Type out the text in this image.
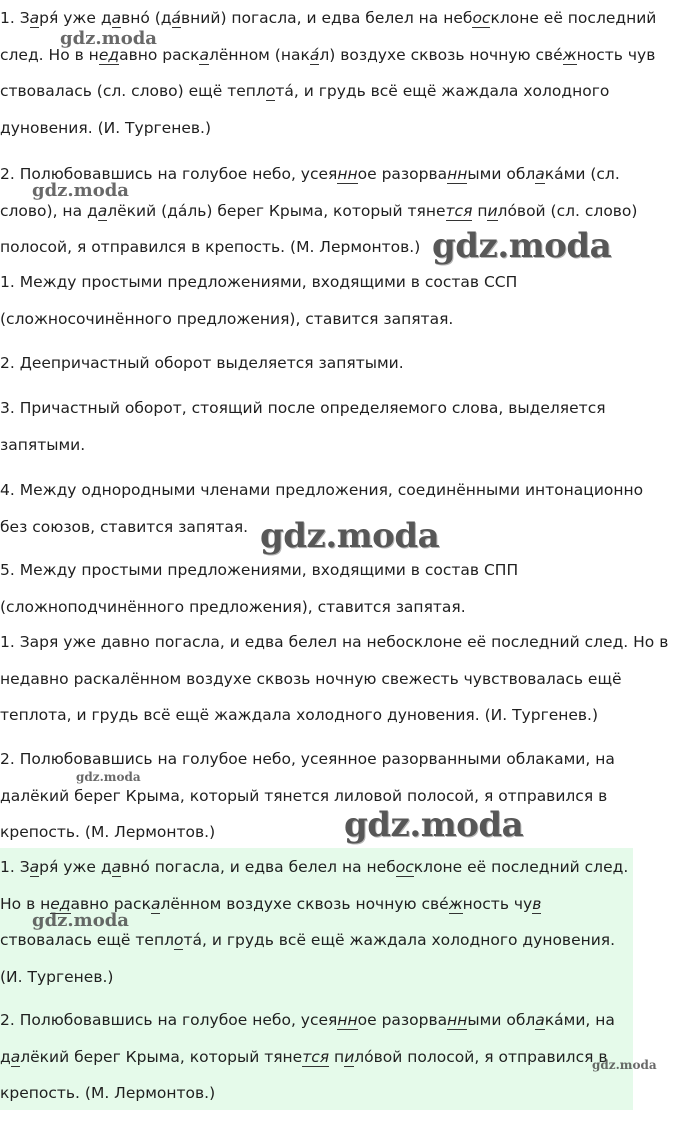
1. Заря́ уже давно́ (да́вний) погасла, и едва белел на небосклоне её последний след. Но в недавно раскалённом (нака́л) воздухе сквозь ночную свéжность чув ствовалась (сл. слово) ещё теплотá, и грудь всё ещё жаждала холодного дуновения. (И. Тургенев.)

2. Полюбовавшись на голубое небо, усеянное разорванными облака́ми (сл. слово), на далёкий (да́ль) берег Крыма, который тянется пило́вой (сл. слово) полосой, я отправился в крепость. (М. Лермонтов.)

1. Между простыми предложениями, входящими в состав ССП (сложносочинённого предложения), ставится запятая.

2. Деепричастный оборот выделяется запятыми.

3. Причастный оборот, стоящий после определяемого слова, выделяется запятыми.

4. Между однородными членами предложения, соединёнными интонационно без союзов, ставится запятая.

5. Между простыми предложениями, входящими в состав СПП (сложноподчинённого предложения), ставится запятая.

1. Заря уже давно погасла, и едва белел на небосклоне её последний след. Но в недавно раскалённом воздухе сквозь ночную свежесть чувствовалась ещё теплота, и грудь всё ещё жаждала холодного дуновения. (И. Тургенев.)

2. Полюбовавшись на голубое небо, усеянное разорванными облаками, на далёкий берег Крыма, который тянется лиловой полосой, я отправился в крепость. (М. Лермонтов.)

1. Заря́ уже давно́ погасла, и едва белел на небосклоне её последний след. Но в недавно раскалённом воздухе сквозь ночную свéжность чув ствовалась ещё теплотá, и грудь всё ещё жаждала холодного дуновения. (И. Тургенев.)

2. Полюбовавшись на голубое небо, усеянное разорванными облака́ми, на далёкий берег Крыма, который тянется пило́вой полосой, я отправился в крепость. (М. Лермонтов.)

gdz.moda
gdz.moda
gdz.moda
gdz.moda
gdz.moda
gdz.moda
gdz.moda
gdz.moda
